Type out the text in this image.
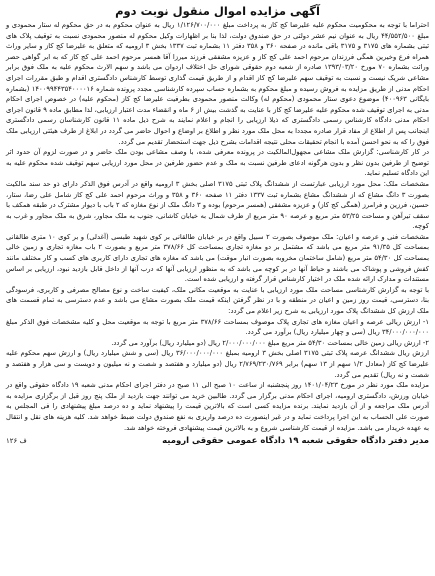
آگهی مزایده اموال منقول نوبت دوم

احتراما با توجه به محکومیت محکوم علیه علیرضا کج کاز به پرداخت مبلغ ۱/۱۲۶/۷۰۰/۰۰۰ ریال به عنوان محکوم به در حق محکوم له ستار محمودی و مبلغ ۴۴/۵۵۲/۵۰۰ ریال به عنوان نیم عشر دولتی در حق صندوق دولت، لذا بنا بر اظهارات وکیل محکوم له منصور محمودی نسبت به توقیف پلاک های ثبتی بشماره های ۳۱۷۵ و ۳۱۷۵ باقی مانده در صفحه ۳۶۰ و ۳۵۸ دفتر ۱۱ بشماره ثبت ۱۳۳۷ بخش ۳ ارومیه که متعلق به علیرضا کج کاز و سایر وراث همراه فرع وخیرین همگی فرزندان مرحوم احمد علی کج کاز و عزیزه مشفقی فرزند میرزا آقا همسر مرحوم احمد علی کج کاز که به ابر گواهی حصر وراثت بشماره ۷۰ مورخ ۱۳۹۳/۰۳/۲۰ صادره از شعبه دوم حقوقی شورای حل اختلاف اردوان می باشد و سهم الارث محکوم علیه به ملک فوق برابر مشاعی شریک نیست و نسبت به توقیف سهم علیرضا کج کاز اقدام و از طریق قیمت گذاری توسط کارشناس دادگستری اقدام و طبق مقررات اجرای احکام مدنی از طریق مزایده به فروش رسیده و مبلغ محکوم به بشماره حساب سپرده کارشناسی مجدد پرونده شماره ۱۴۰۰۹۹۴۴۳۵۴۰۰۰۰۱۶ (بشماره بایگانی ۴۰۰۹۶۳) موضوع دعوی ستار محمودی (محکوم له) وکالت منصور محمودی بطرفیت علیرضا کج کاز (محکوم علیه) در خصوص اجرای احکام مدنی به اجرای توقیف شده محکوم علیه علیرضا کج کاز با عنایت به گذشت بیش از ۶ ماه و انقضاء مدت اعتبار ارزیابی، لذا مطابق ماده ۹ قانون اجرای احکام مدنی دادگاه کارشناس رسمی دادگستری که ذیلا ارزیابی را انجام و اعلام نمایند به شرح ذیل ماده ۱۱ قانون کارشناسان رسمی دادگستری اینجانب پس از اطلاع از مفاد قرار صادره مجددا به محل ملک مورد نظر و اطلاع بر اوضاع و احوال حاضر می گردد در ابلاغ از طرف هیئتی ارزیابی ملک فوق را که به نحو احسن آمده با انجام تحقیقات محلی نتیجه اقدامات بشرح ذیل جهت استحضار تقدیم می گردد.

در کار کارشناسی: گزارش ملک مشاعی مجهول‌المالکیت در پرونده معرفی شده، با وصف مشاعی بودن ملک حاضر و در صورت لزوم آن حدود اثر توضیح از طرفین بدون نظر و بدون هرگونه ادعای طرفین نسبت به ملک و عدم حضور طرفین در محل مورد ارزیابی سهم توقیف شده محکوم علیه به این دادگاه تسلیم نماید.

مشخصات ملک: محل مورد ارزیابی عبارتست از ششدانگ پلاک ثبتی ۳۱۷۵ اصلی بخش ۳ ارومیه واقع در آدرس فوق الذکر دارای ذو حد سند مالکیت بصورت ۳ دانگ مشاع که از ششدانگ مشاع بشماره ثبت ۱۳۳۷ دفتر ۱۱ صفحه ۳۶۰ و ۳۵۸ و وراث مرحوم احمد علی کج کاز شامل علی رضا، ستار، حسین، فرزین و فرامرز (همگی کج کاز) و عزیزه مشفقی (همسر مرحوم) بوده و ۳ دانگ ملک از نوع مغازه که ۲ باب با دیوار مشترک در طبقه همکف با سقف تیرآهن و مساحت ۵۳/۲۵ متر مربع و عرصه ۹۰ متر مربع از طرف شمال به خیابان کاشانی، جنوب به ملک مجاور، شرق به ملک مجاور و غرب به کوچه.

مشخصات فنی و عرصه و اعیان: ملک موصوف بصورت ۲ سبیل واقع در بر خیابان طالقانی بر کوی شهید طبسی (آغدلی) و بر کوی ۱۰ متری طالقانی بمساحت کل ۹۱/۳۵ متر مربع می باشد که مشتمل بر دو مغازه تجاری بمساحت کل ۳۷۸/۶۶ متر مربع و بصورت ۲ باب مغازه تجاری و زمین خالی بمساحت کل ۵۴/۳۰ متر مربع (شامل ساختمان مخروبه بصورت انبار موقت) می باشد که مغازه های تجاری دارای کاربری های کسب و کار مختلف مانند کفش فروشی و پوشاک می باشند و حیاط آنها در بر کوچه می باشد که به منظور ارزیابی آنها که درب آنها از داخل قابل بازدید نبود، ارزیابی بر اساس مستندات و مدارک ارائه شده ملک در اختیار کارشناس قرار گرفته و ارزیابی شده است.

با توجه به گزارش کارشناسی مساحت ملک مورد ارزیابی با عنایت به موقعیت مکانی ملک، کیفیت ساخت و نوع مصالح مصرفی و کاربری، فرسودگی بنا، دسترسی، قیمت روز زمین و اعیان در منطقه و با در نظر گرفتن اینکه قیمت ملک بصورت مشاع می باشد و عدم دسترسی به تمام قسمت های ملک ارزش کل ششدانگ پلاک مورد ارزیابی به شرح زیر اعلام می گردد:

۱- ارزش ریالی عرصه و اعیان مغازه های تجاری پلاک موصوف بمساحت ۳۷۸/۶۶ متر مربع با توجه به موقعیت محل و کلیه مشخصات فوق الذکر مبلغ ۳۴/۰۰۰/۰۰۰/۰۰۰ ریال (سی و چهار میلیارد ریال) برآورد می گردد.

۲- ارزش ریالی زمین خالی بمساحت ۵۴/۳۰ متر مربع مبلغ ۲/۰۰۰/۰۰۰/۰۰۰ ریال (دو میلیارد ریال) برآورد می گردد.

ارزش ریال ششدانگ عرصه پلاک ثبتی ۳۱۷۵ اصلی بخش ۳ ارومیه بمبلغ ۳۶/۰۰۰/۰۰۰/۰۰۰ ریال (سی و شش میلیارد ریال) و ارزش سهم محکوم علیه علیرضا کج کاز (معادل ۱/۲ سهم از ۱۳ سهم) برابر ۲/۷۶۹/۲۳۰/۷۶۹ ریال (دو میلیارد و هفتصد و شصت و نه میلیون و دویست و سی هزار و هفتصد و شصت و نه ریال) تقدیم می گردد.

مزایده ملک مورد نظر در مورخ ۱۴۰۱/۰۴/۲۳ روز پنجشنبه از ساعت ۱۰ صبح الی ۱۱ صبح در دفتر اجرای احکام مدنی شعبه ۱۹ دادگاه حقوقی واقع در خیابان ورزش، دادگستری ارومیه، اجرای احکام مدنی برگزار می گردد. طالبین خرید می توانند جهت بازدید از ملک پنج روز قبل از برگزاری مزایده به آدرس ملک مراجعه و از آن بازدید نمایند. برنده مزایده کسی است که بالاترین قیمت را پیشنهاد نماید و ده درصد مبلغ پیشنهادی را فی المجلس به صورت علی الحساب به این اجرا پرداخت نماید و در غیر اینصورت ده درصد واریزی به نفع صندوق دولت ضبط خواهد شد. کلیه هزینه های نقل و انتقال به عهده خریدار می باشد. مزایده از قیمت کارشناسی شروع و به بالاترین قیمت پیشنهادی فروخته خواهد شد.

مدیر دفتر دادگاه حقوقی شعبه ۱۹ دادگاه عمومی حقوقی ارومیه
ف ۱۲۶
